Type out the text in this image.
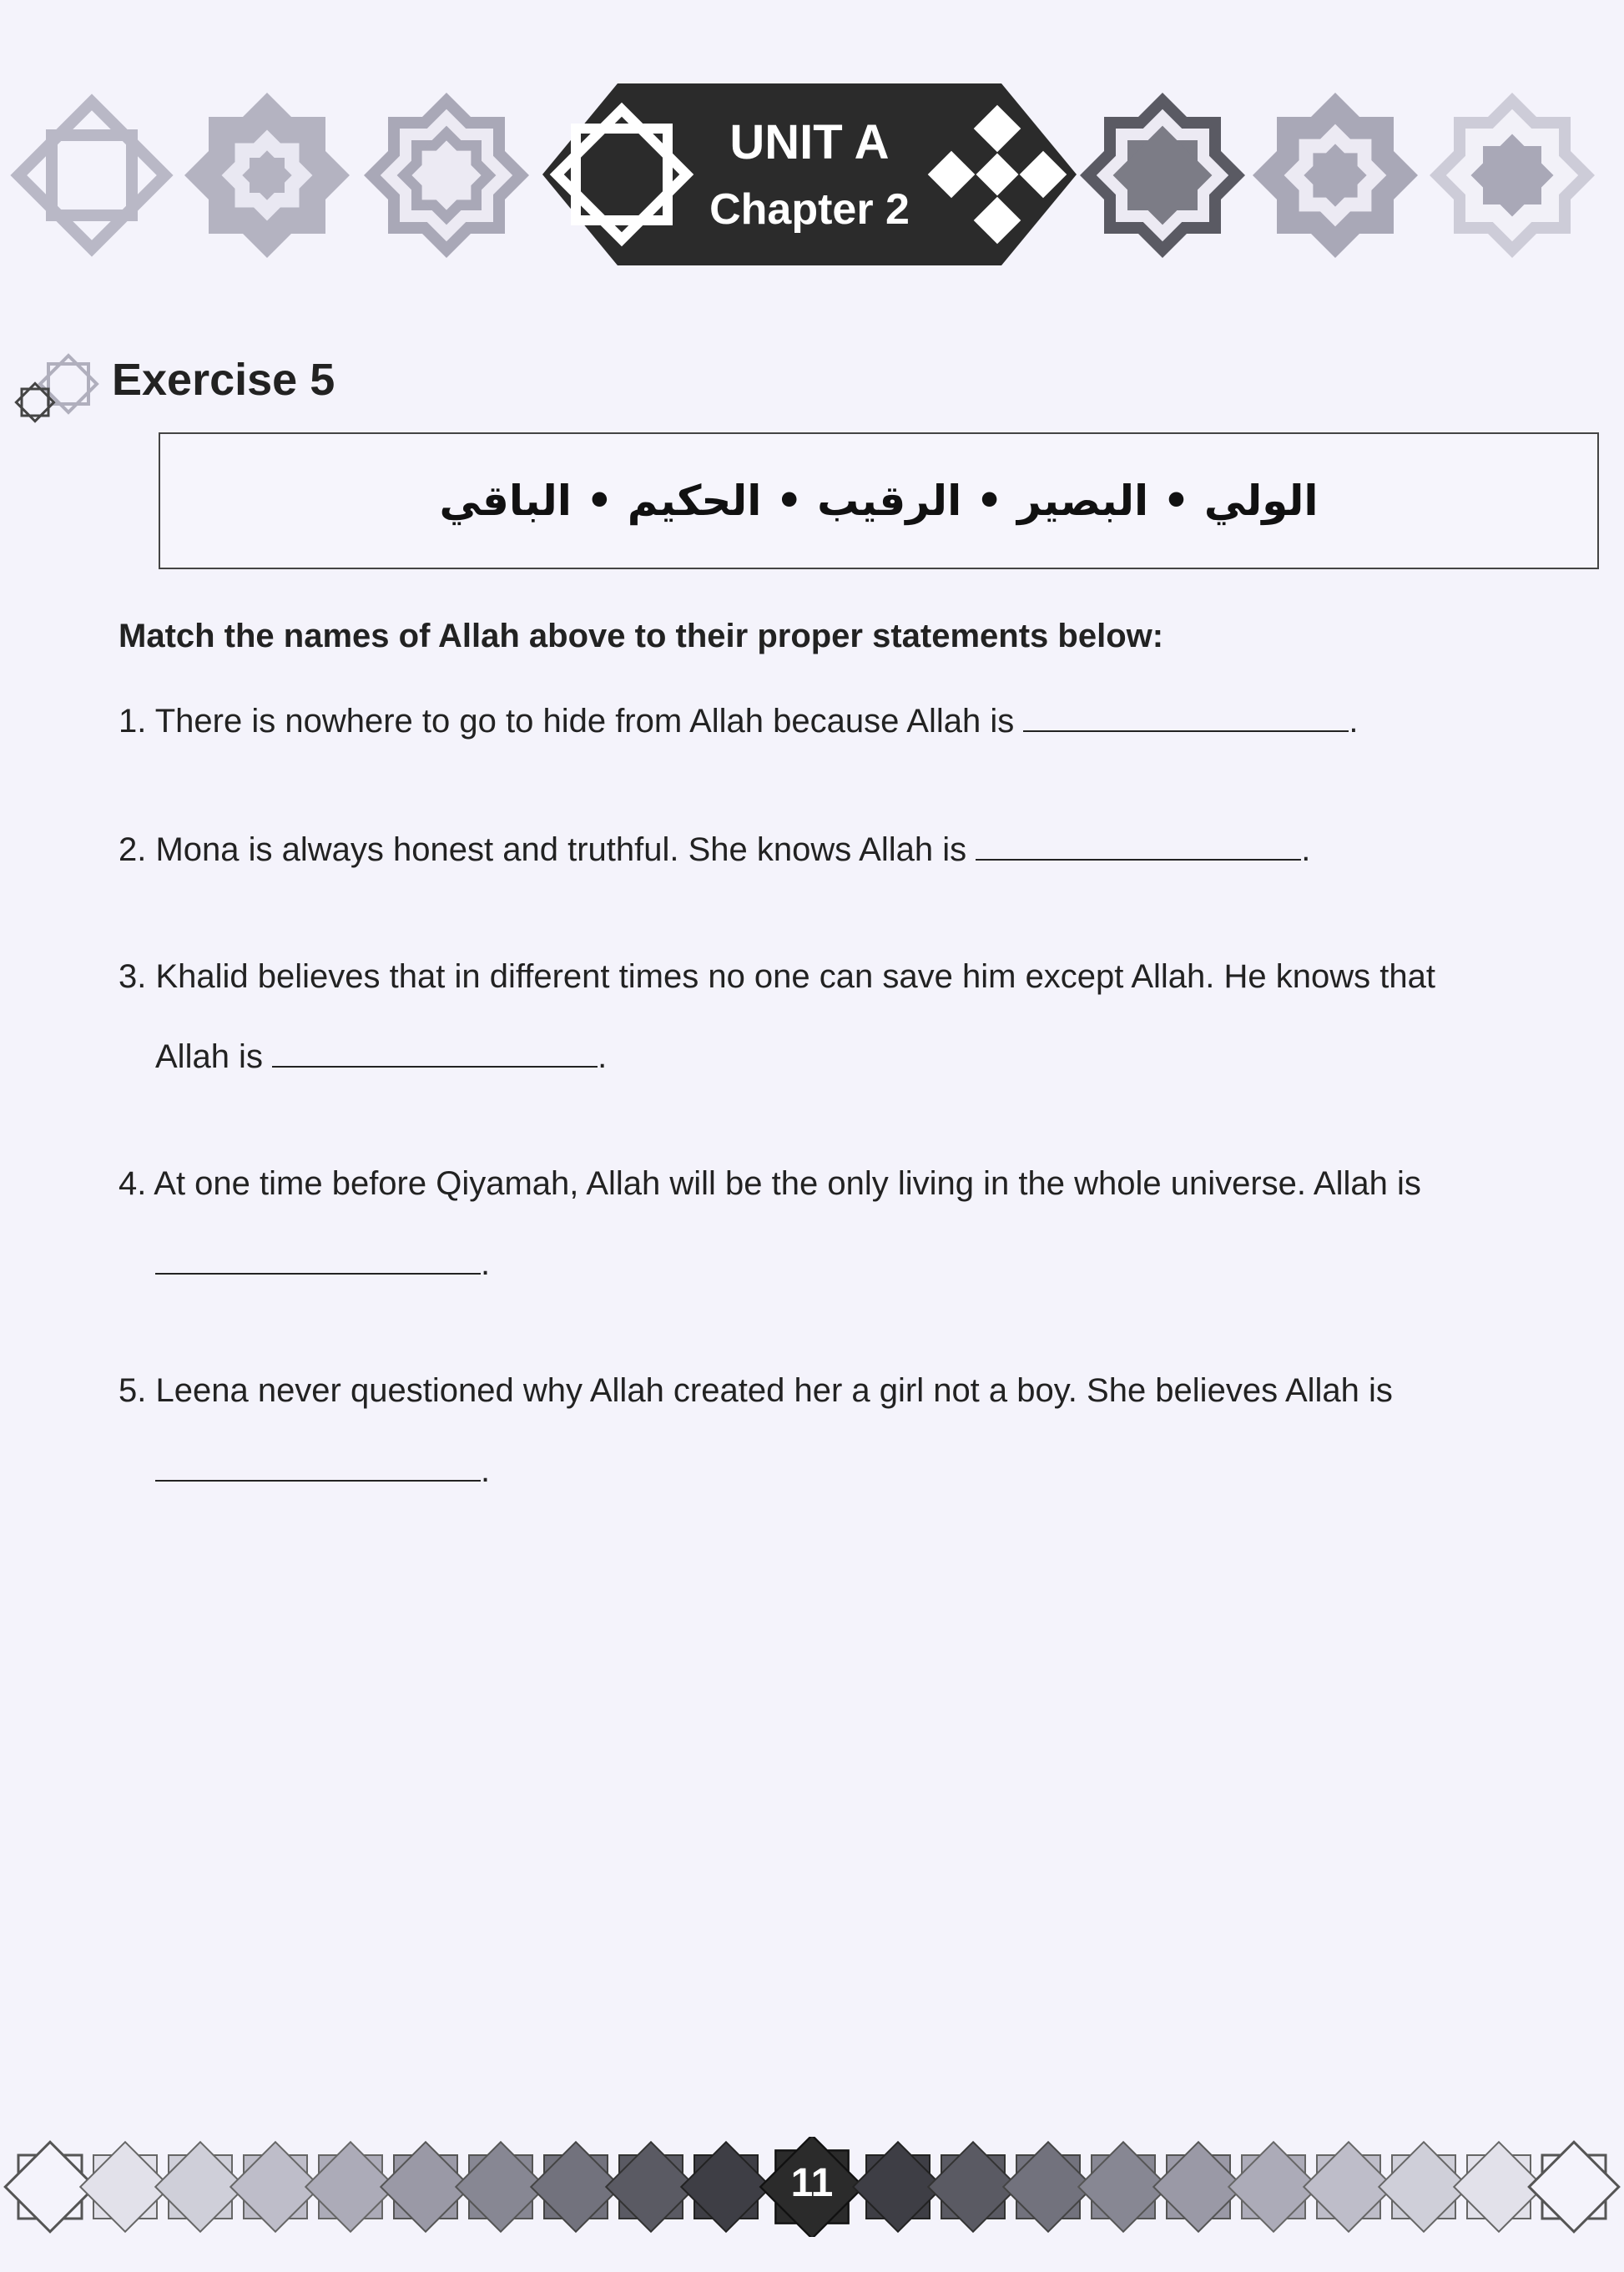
UNIT A
Chapter 2
Exercise 5
الولي • البصير • الرقيب • الحكيم • الباقي
Match the names of Allah above to their proper statements below:
1. There is nowhere to go to hide from Allah because Allah is	.
2. Mona is always honest and truthful. She knows Allah is	.
3. Khalid believes that in different times no one can save him except Allah. He knows that
Allah is	.
4. At one time before Qiyamah, Allah will be the only living in the whole universe. Allah is
.
5. Leena never questioned why Allah created her a girl not a boy. She believes Allah is
.
11
